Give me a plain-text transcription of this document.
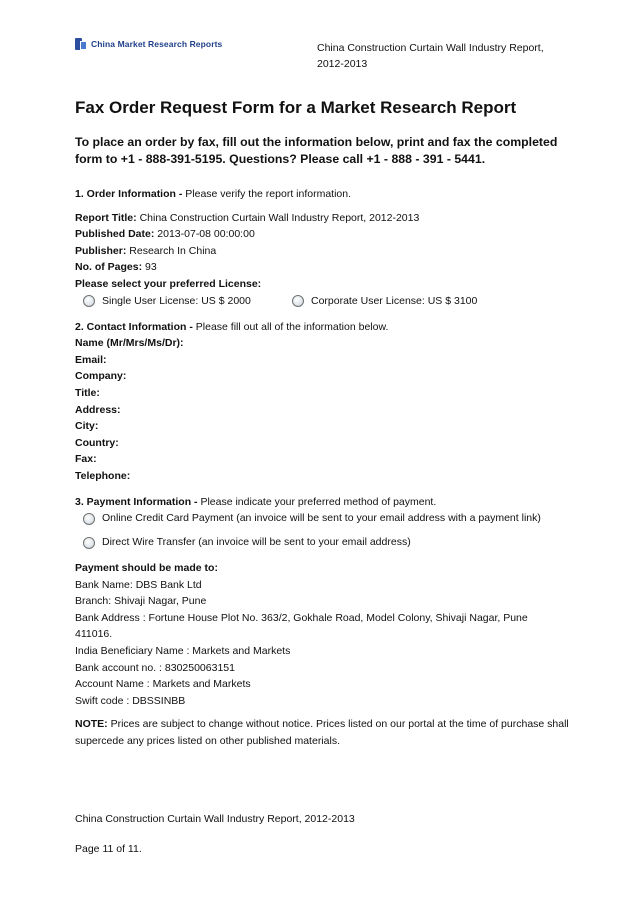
China Market Research Reports	China Construction Curtain Wall Industry Report, 2012-2013
Fax Order Request Form for a Market Research Report
To place an order by fax, fill out the information below, print and fax the completed form to +1 - 888-391-5195. Questions? Please call +1 - 888 - 391 - 5441.
1. Order Information - Please verify the report information.
Report Title: China Construction Curtain Wall Industry Report, 2012-2013
Published Date: 2013-07-08 00:00:00
Publisher: Research In China
No. of Pages: 93
Please select your preferred License:
Single User License: US $ 2000	Corporate User License: US $ 3100
2. Contact Information - Please fill out all of the information below.
Name (Mr/Mrs/Ms/Dr):
Email:
Company:
Title:
Address:
City:
Country:
Fax:
Telephone:
3. Payment Information - Please indicate your preferred method of payment.
Online Credit Card Payment (an invoice will be sent to your email address with a payment link)
Direct Wire Transfer (an invoice will be sent to your email address)
Payment should be made to:
Bank Name: DBS Bank Ltd
Branch: Shivaji Nagar, Pune
Bank Address : Fortune House Plot No. 363/2, Gokhale Road, Model Colony, Shivaji Nagar, Pune 411016.
India Beneficiary Name : Markets and Markets
Bank account no. : 830250063151
Account Name : Markets and Markets
Swift code : DBSSINBB
NOTE: Prices are subject to change without notice. Prices listed on our portal at the time of purchase shall supercede any prices listed on other published materials.
China Construction Curtain Wall Industry Report, 2012-2013
Page 11 of 11.
